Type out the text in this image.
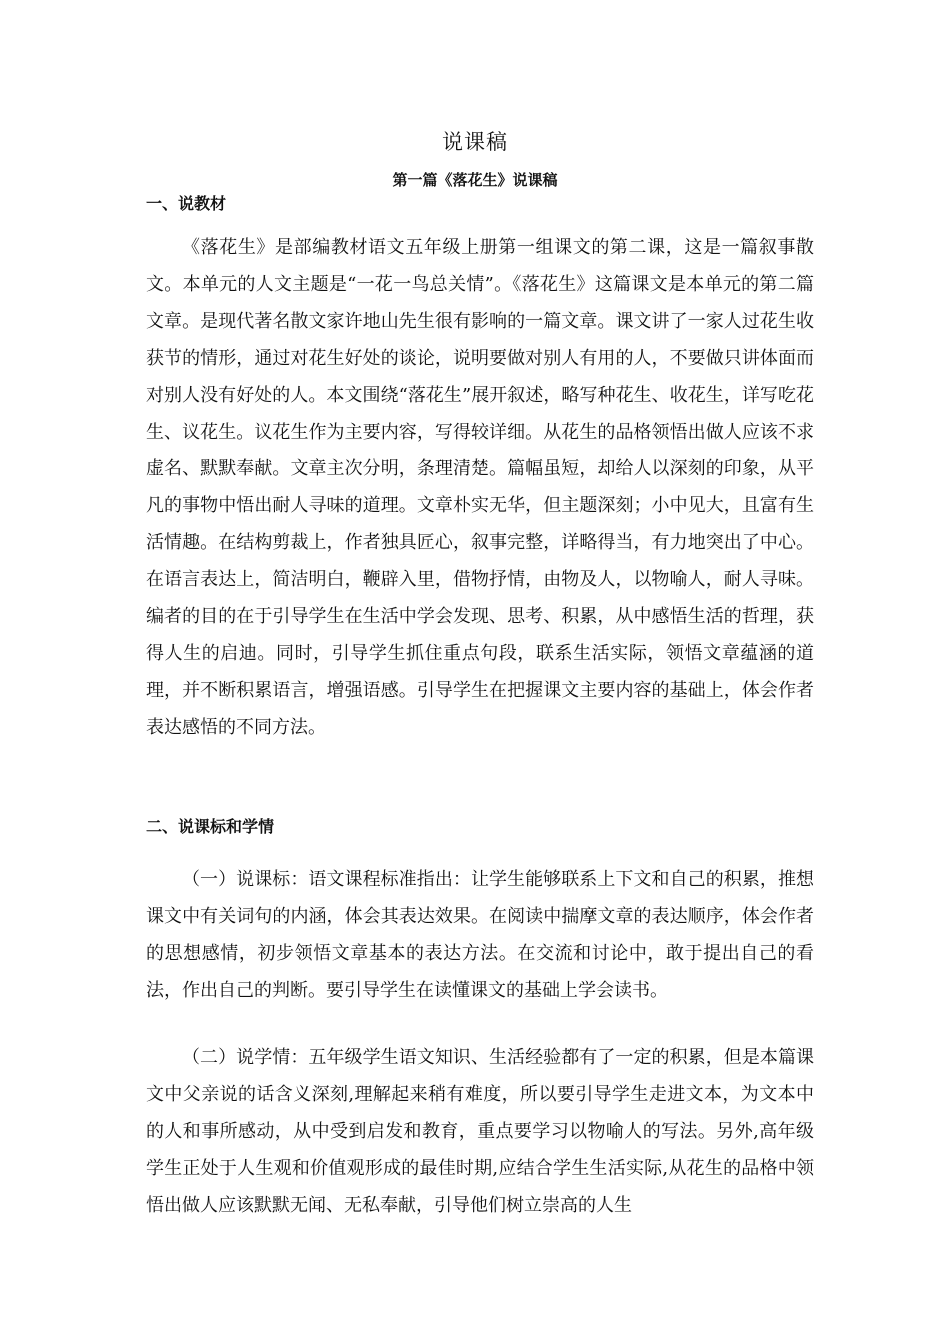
说课稿
第一篇《落花生》说课稿
一、说教材

《落花生》是部编教材语文五年级上册第一组课文的第二课，这是一篇叙事散文。本单元的人文主题是“一花一鸟总关情”。《落花生》这篇课文是本单元的第二篇文章。是现代著名散文家许地山先生很有影响的一篇文章。课文讲了一家人过花生收获节的情形，通过对花生好处的谈论，说明要做对别人有用的人，不要做只讲体面而对别人没有好处的人。本文围绕“落花生”展开叙述，略写种花生、收花生，详写吃花生、议花生。议花生作为主要内容，写得较详细。从花生的品格领悟出做人应该不求虚名、默默奉献。文章主次分明，条理清楚。篇幅虽短，却给人以深刻的印象，从平凡的事物中悟出耐人寻味的道理。文章朴实无华，但主题深刻；小中见大，且富有生活情趣。在结构剪裁上，作者独具匠心，叙事完整，详略得当，有力地突出了中心。在语言表达上，简洁明白，鞭辟入里，借物抒情，由物及人，以物喻人，耐人寻味。编者的目的在于引导学生在生活中学会发现、思考、积累，从中感悟生活的哲理，获得人生的启迪。同时，引导学生抓住重点句段，联系生活实际，领悟文章蕴涵的道理，并不断积累语言，增强语感。引导学生在把握课文主要内容的基础上，体会作者表达感悟的不同方法。

二、说课标和学情

（一）说课标：语文课程标准指出：让学生能够联系上下文和自己的积累，推想课文中有关词句的内涵，体会其表达效果。在阅读中揣摩文章的表达顺序，体会作者的思想感情，初步领悟文章基本的表达方法。在交流和讨论中，敢于提出自己的看法，作出自己的判断。要引导学生在读懂课文的基础上学会读书。

（二）说学情：五年级学生语文知识、生活经验都有了一定的积累，但是本篇课文中父亲说的话含义深刻,理解起来稍有难度，所以要引导学生走进文本，为文本中的人和事所感动，从中受到启发和教育，重点要学习以物喻人的写法。另外,高年级学生正处于人生观和价值观形成的最佳时期,应结合学生生活实际,从花生的品格中领悟出做人应该默默无闻、无私奉献，引导他们树立崇高的人生
